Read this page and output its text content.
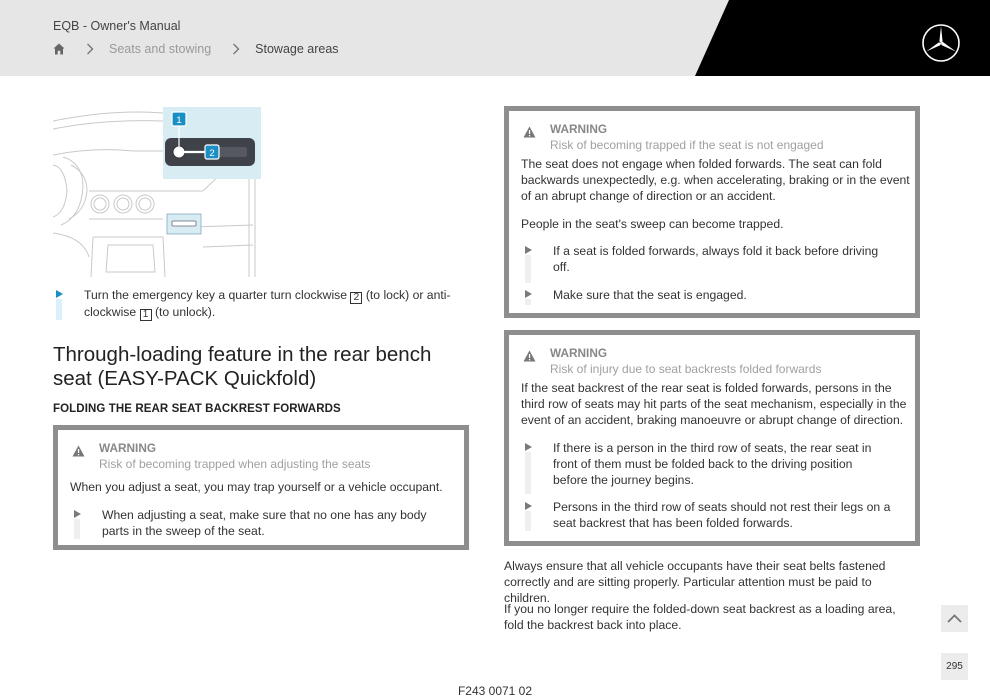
EQB - Owner's Manual
Seats and stowing	Stowage areas
1
2
Turn the emergency key a quarter turn clockwise 2 (to lock) or anti-
clockwise 1 (to unlock).
Through-loading feature in the rear bench seat (EASY-PACK Quickfold)
FOLDING THE REAR SEAT BACKREST FORWARDS
WARNING
Risk of becoming trapped when adjusting the seats
When you adjust a seat, you may trap yourself or a vehicle occupant.
When adjusting a seat, make sure that no one has any body parts in the sweep of the seat.
WARNING
Risk of becoming trapped if the seat is not engaged
The seat does not engage when folded forwards. The seat can fold backwards unexpectedly, e.g. when accelerating, braking or in the event of an abrupt change of direction or an accident.
People in the seat's sweep can become trapped.
If a seat is folded forwards, always fold it back before driving off.
Make sure that the seat is engaged.
WARNING
Risk of injury due to seat backrests folded forwards
If the seat backrest of the rear seat is folded forwards, persons in the third row of seats may hit parts of the seat mechanism, especially in the event of an accident, braking manoeuvre or abrupt change of direction.
If there is a person in the third row of seats, the rear seat in front of them must be folded back to the driving position before the journey begins.
Persons in the third row of seats should not rest their legs on a seat backrest that has been folded forwards.
Always ensure that all vehicle occupants have their seat belts fastened correctly and are sitting properly. Particular attention must be paid to children.
If you no longer require the folded-down seat backrest as a loading area, fold the backrest back into place.
295
F243 0071 02
